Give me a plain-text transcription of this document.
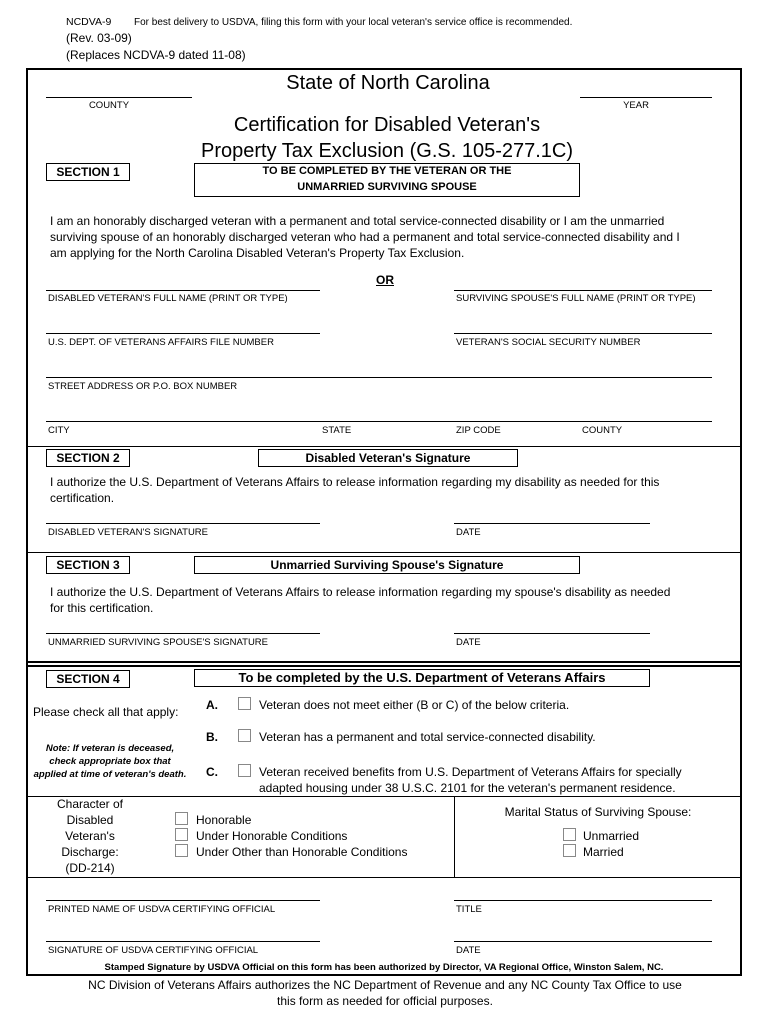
NCDVA-9 For best delivery to USDVA, filing this form with your local veteran's service office is recommended.
(Rev. 03-09)
(Replaces NCDVA-9 dated 11-08)
State of North Carolina
COUNTY	YEAR
Certification for Disabled Veteran's
Property Tax Exclusion (G.S. 105-277.1C)
SECTION 1	TO BE COMPLETED BY THE VETERAN OR THE
UNMARRIED SURVIVING SPOUSE
I am an honorably discharged veteran with a permanent and total service-connected disability or I am the unmarried
surviving spouse of an honorably discharged veteran who had a permanent and total service-connected disability and I
am applying for the North Carolina Disabled Veteran's Property Tax Exclusion.
OR
DISABLED VETERAN'S FULL NAME (PRINT OR TYPE)	SURVIVING SPOUSE'S FULL NAME (PRINT OR TYPE)
U.S. DEPT. OF VETERANS AFFAIRS FILE NUMBER	VETERAN'S SOCIAL SECURITY NUMBER
STREET ADDRESS OR P.O. BOX NUMBER
CITY	STATE	ZIP CODE	COUNTY
SECTION 2	Disabled Veteran's Signature
I authorize the U.S. Department of Veterans Affairs to release information regarding my disability as needed for this
certification.
DISABLED VETERAN'S SIGNATURE	DATE
SECTION 3	Unmarried Surviving Spouse's Signature
I authorize the U.S. Department of Veterans Affairs to release information regarding my spouse's disability as needed
for this certification.
UNMARRIED SURVIVING SPOUSE'S SIGNATURE	DATE
SECTION 4	To be completed by the U.S. Department of Veterans Affairs
Please check all that apply:
Note: If veteran is deceased,
check appropriate box that
applied at time of veteran's death.
A.	Veteran does not meet either (B or C) of the below criteria.
B.	Veteran has a permanent and total service-connected disability.
C.	Veteran received benefits from U.S. Department of Veterans Affairs for specially
adapted housing under 38 U.S.C. 2101 for the veteran's permanent residence.
Character of
Disabled
Veteran's
Discharge:
(DD-214)
Honorable
Under Honorable Conditions
Under Other than Honorable Conditions
Marital Status of Surviving Spouse:
Unmarried
Married
PRINTED NAME OF USDVA CERTIFYING OFFICIAL	TITLE
SIGNATURE OF USDVA CERTIFYING OFFICIAL	DATE
Stamped Signature by USDVA Official on this form has been authorized by Director, VA Regional Office, Winston Salem, NC.
NC Division of Veterans Affairs authorizes the NC Department of Revenue and any NC County Tax Office to use
this form as needed for official purposes.
